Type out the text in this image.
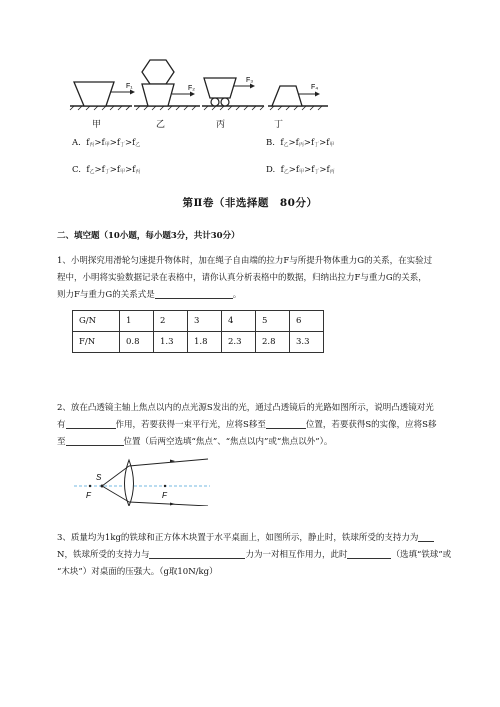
F₁	F₂
F₃
F₄
甲	乙	丙	丁
A. $f_丙>f_甲>f_丁>f_乙$	B. $f_乙>f_丙>f_丁>f_甲$
C. $f_乙>f_丁>f_甲>f_丙$	D. $f_乙>f_甲>f_丁>f_丙$
第Ⅱ卷（非选择题　80分）
二、填空题（10小题，每小题3分，共计30分）
1、小明探究用滑轮匀速提升物体时，加在绳子自由端的拉力F与所提升物体重力G的关系，在实验过
程中，小明将实验数据记录在表格中，请你认真分析表格中的数据，归纳出拉力F与重力G的关系，
则力F与重力G的关系式是	。
G/N	1	2	3	4	5	6
F/N	0.8	1.3	1.8	2.3	2.8	3.3
2、放在凸透镜主轴上焦点以内的点光源S发出的光，通过凸透镜后的光路如图所示，说明凸透镜对光
有	作用，若要获得一束平行光，应将S移至	位置，若要获得S的实像，应将S移
至	位置（后两空选填“焦点”、“焦点以内”或“焦点以外”）。
S
F	F
3、质量均为1kg的铁球和正方体木块置于水平桌面上，如图所示，静止时，铁球所受的支持力为
N，铁球所受的支持力与	力为一对相互作用力，此时	（选填“铁球”或
“木块”）对桌面的压强大。（g取10N/kg）
